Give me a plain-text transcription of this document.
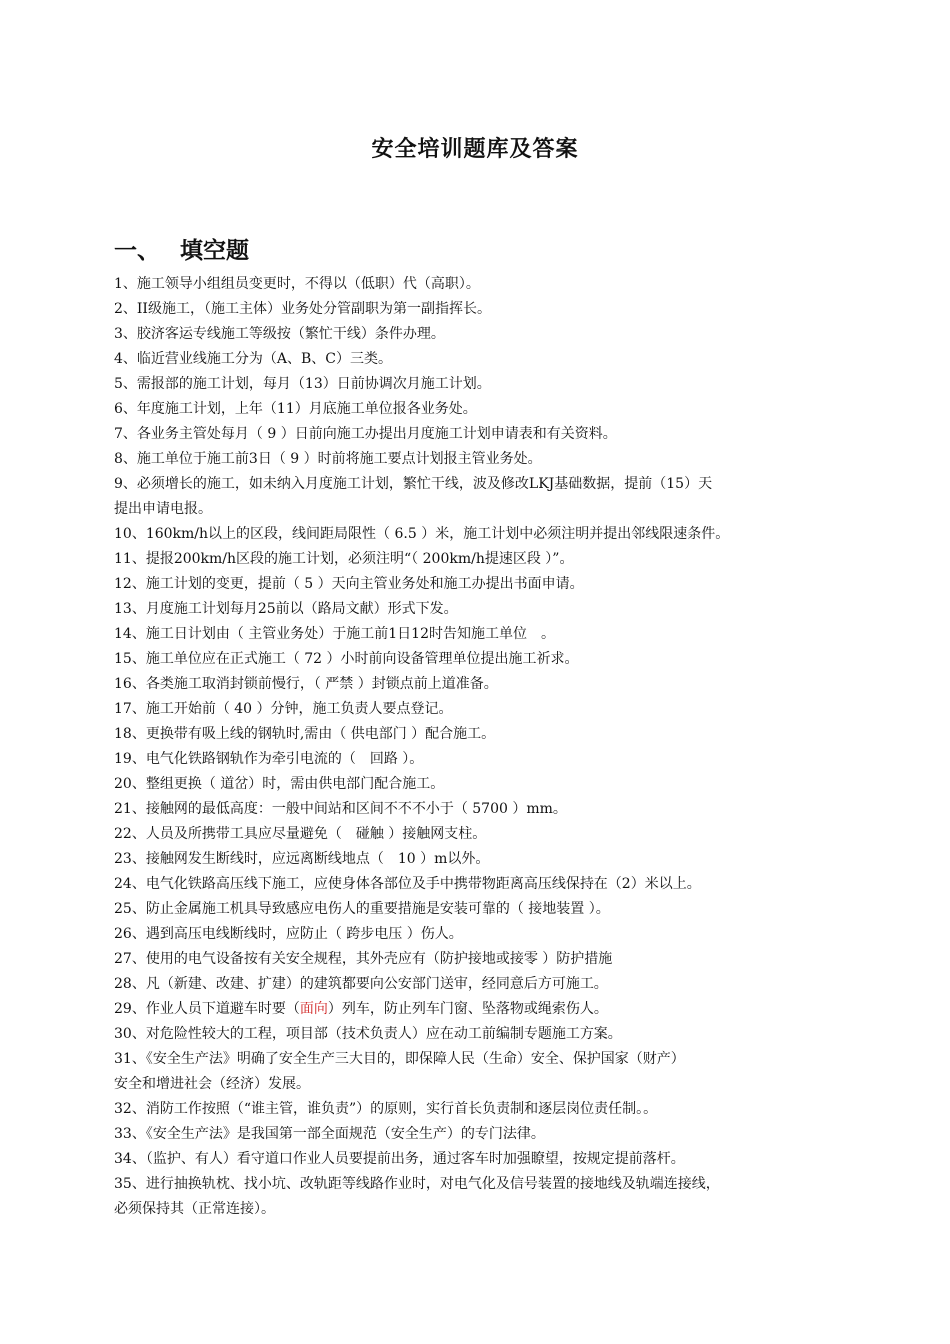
安全培训题库及答案
一、 填空题
1、施工领导小组组员变更时，不得以（低职）代（高职）。
2、II级施工，（施工主体）业务处分管副职为第一副指挥长。
3、胶济客运专线施工等级按（繁忙干线）条件办理。
4、临近营业线施工分为（A、B、C）三类。
5、需报部的施工计划，每月（13）日前协调次月施工计划。
6、年度施工计划，上年（11）月底施工单位报各业务处。
7、各业务主管处每月（ 9 ）日前向施工办提出月度施工计划申请表和有关资料。
8、施工单位于施工前3日（ 9 ）时前将施工要点计划报主管业务处。
9、必须增长的施工，如未纳入月度施工计划，繁忙干线，波及修改LKJ基础数据，提前（15）天
提出申请电报。
10、160km/h以上的区段，线间距局限性（ 6.5 ）米，施工计划中必须注明并提出邻线限速条件。
11、提报200km/h区段的施工计划，必须注明“（ 200km/h提速区段 ）”。
12、施工计划的变更，提前（ 5 ）天向主管业务处和施工办提出书面申请。
13、月度施工计划每月25前以（路局文献）形式下发。
14、施工日计划由（ 主管业务处）于施工前1日12时告知施工单位　。
15、施工单位应在正式施工（ 72 ）小时前向设备管理单位提出施工祈求。
16、各类施工取消封锁前慢行，（ 严禁 ）封锁点前上道准备。
17、施工开始前（ 40 ）分钟，施工负责人要点登记。
18、更换带有吸上线的钢轨时,需由（ 供电部门 ）配合施工。
19、电气化铁路钢轨作为牵引电流的（　回路 ）。
20、整组更换（ 道岔）时，需由供电部门配合施工。
21、接触网的最低高度：一般中间站和区间不不不小于（ 5700 ）mm。
22、人员及所携带工具应尽量避免（　碰触 ）接触网支柱。
23、接触网发生断线时，应远离断线地点（　10 ）m以外。
24、电气化铁路高压线下施工，应使身体各部位及手中携带物距离高压线保持在（2）米以上。
25、防止金属施工机具导致感应电伤人的重要措施是安装可靠的（ 接地装置 ）。
26、遇到高压电线断线时，应防止（ 跨步电压 ）伤人。
27、使用的电气设备按有关安全规程，其外壳应有（防护接地或接零 ）防护措施
28、凡（新建、改建、扩建）的建筑都要向公安部门送审，经同意后方可施工。
29、作业人员下道避车时要（面向）列车，防止列车门窗、坠落物或绳索伤人。
30、对危险性较大的工程，项目部（技术负责人）应在动工前编制专题施工方案。
31、《安全生产法》明确了安全生产三大目的，即保障人民（生命）安全、保护国家（财产）
安全和增进社会（经济）发展。
32、消防工作按照（“谁主管，谁负责”）的原则，实行首长负责制和逐层岗位责任制。。
33、《安全生产法》是我国第一部全面规范（安全生产）的专门法律。
34、（监护、有人）看守道口作业人员要提前出务，通过客车时加强瞭望，按规定提前落杆。
35、进行抽换轨枕、找小坑、改轨距等线路作业时，对电气化及信号装置的接地线及轨端连接线，
必须保持其（正常连接）。
